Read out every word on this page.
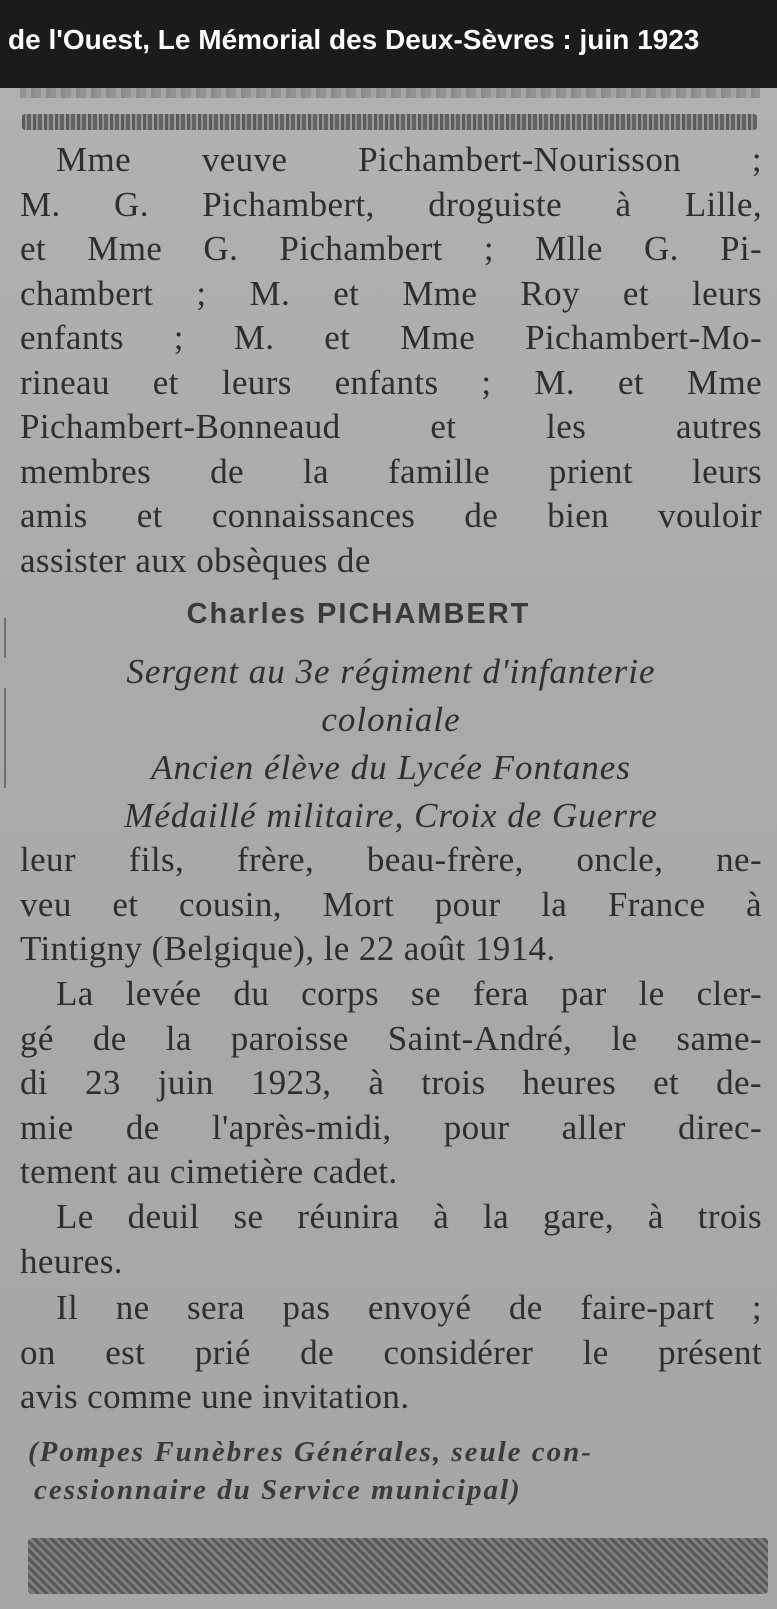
de l'Ouest, Le Mémorial des Deux-Sèvres : juin 1923
Mme veuve Pichambert-Nourisson ;
M. G. Pichambert, droguiste à Lille,
et Mme G. Pichambert ; Mlle G. Pi-
chambert ; M. et Mme Roy et leurs
enfants ; M. et Mme Pichambert-Mo-
rineau et leurs enfants ; M. et Mme
Pichambert-Bonneaud et les autres
membres de la famille prient leurs
amis et connaissances de bien vouloir
assister aux obsèques de
Charles PICHAMBERT
Sergent au 3e régiment d'infanterie
coloniale
Ancien élève du Lycée Fontanes
Médaillé militaire, Croix de Guerre
leur fils, frère, beau-frère, oncle, ne-
veu et cousin, Mort pour la France à
Tintigny (Belgique), le 22 août 1914.
La levée du corps se fera par le cler-
gé de la paroisse Saint-André, le same-
di 23 juin 1923, à trois heures et de-
mie de l'après-midi, pour aller direc-
tement au cimetière cadet.
Le deuil se réunira à la gare, à trois
heures.
Il ne sera pas envoyé de faire-part ;
on est prié de considérer le présent
avis comme une invitation.
(Pompes Funèbres Générales, seule con-
cessionnaire du Service municipal)
